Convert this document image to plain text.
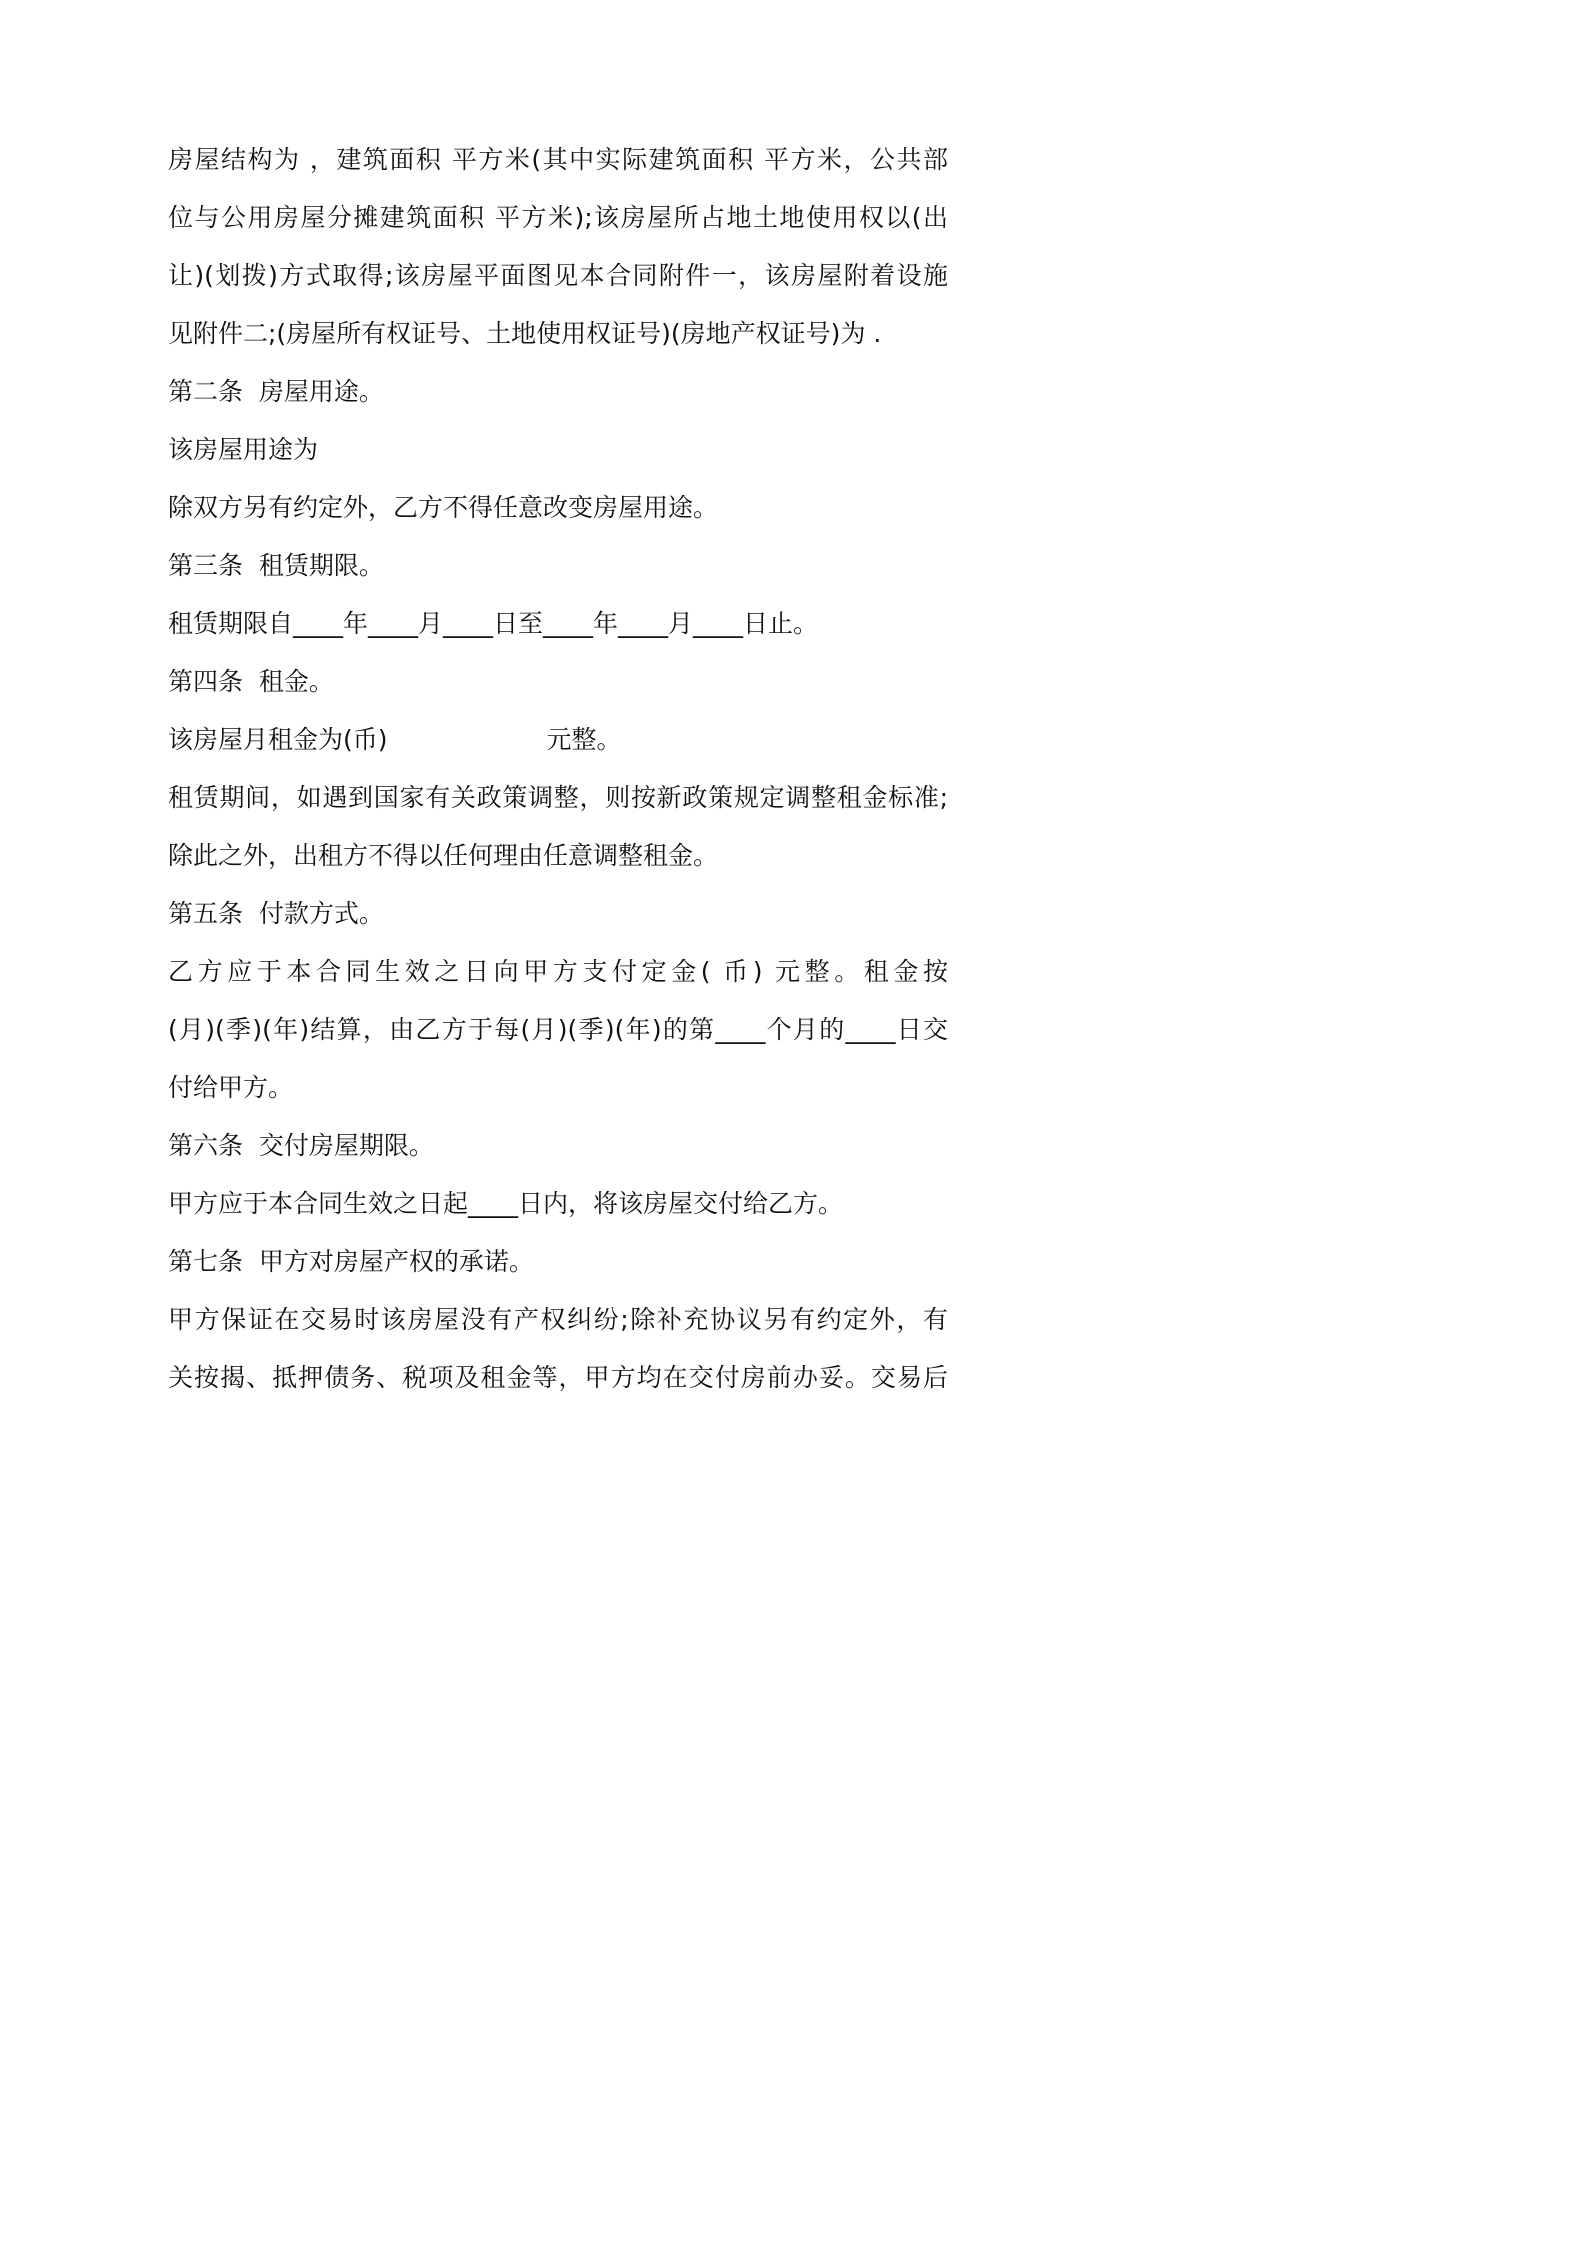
房屋结构为 ，建筑面积 平方米(其中实际建筑面积 平方米，公共部

位与公用房屋分摊建筑面积 平方米);该房屋所占地土地使用权以(出

让)(划拨)方式取得;该房屋平面图见本合同附件一，该房屋附着设施

见附件二;(房屋所有权证号、土地使用权证号)(房地产权证号)为 .

第二条  房屋用途。

该房屋用途为

除双方另有约定外，乙方不得任意改变房屋用途。

第三条  租赁期限。

租赁期限自____年____月____日至____年____月____日止。

第四条  租金。

该房屋月租金为(币)                    元整。

租赁期间，如遇到国家有关政策调整，则按新政策规定调整租金标准;

除此之外，出租方不得以任何理由任意调整租金。

第五条  付款方式。

乙方应于本合同生效之日向甲方支付定金( 币) 元整。租金按

(月)(季)(年)结算，由乙方于每(月)(季)(年)的第____个月的____日交

付给甲方。

第六条  交付房屋期限。

甲方应于本合同生效之日起____日内，将该房屋交付给乙方。

第七条  甲方对房屋产权的承诺。

甲方保证在交易时该房屋没有产权纠纷;除补充协议另有约定外，有

关按揭、抵押债务、税项及租金等，甲方均在交付房前办妥。交易后
